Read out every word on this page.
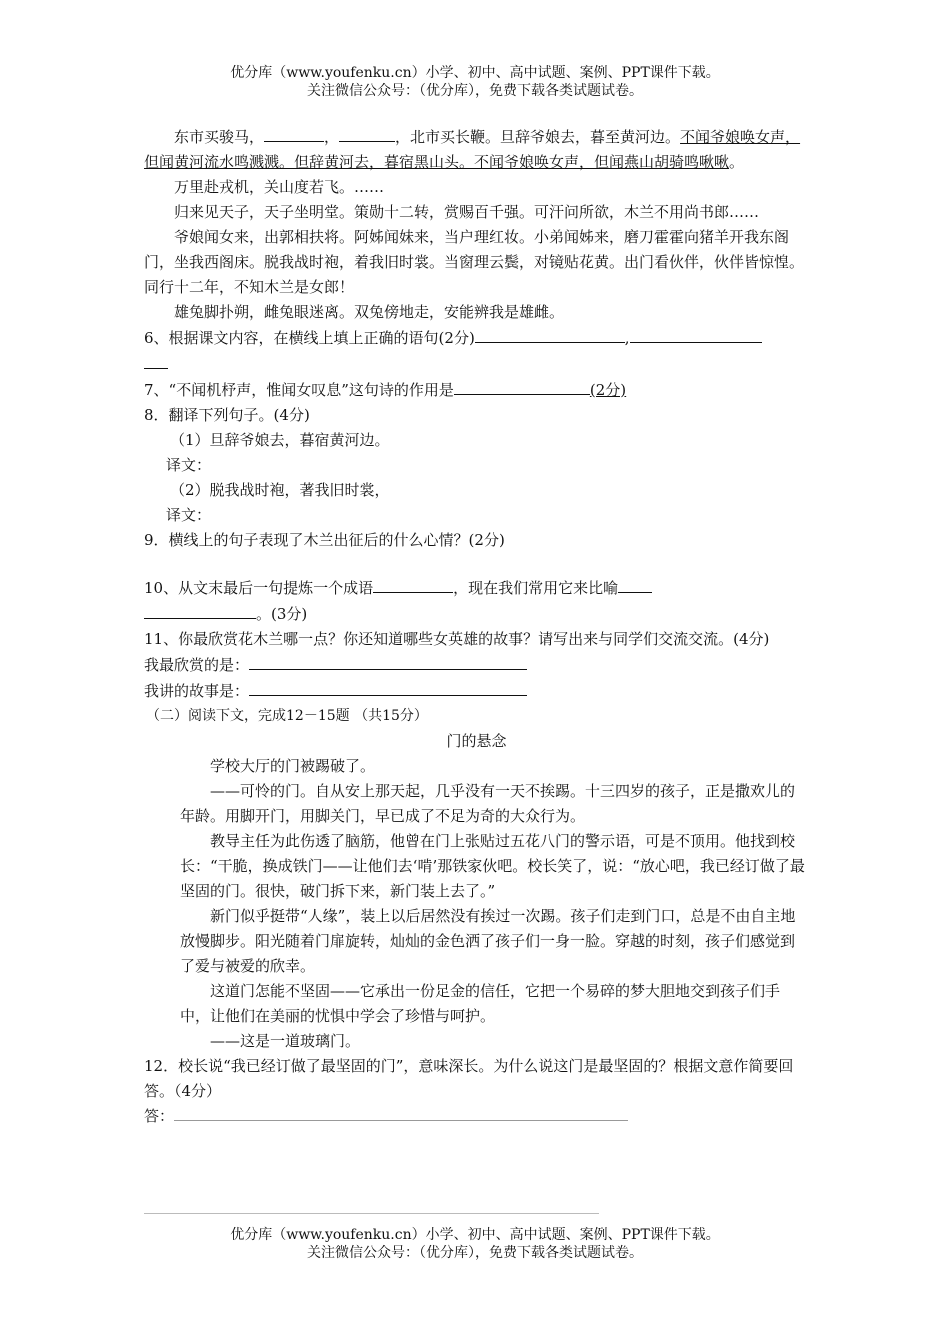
优分库（www.youfenku.cn）小学、初中、高中试题、案例、PPT课件下载。
关注微信公众号：（优分库），免费下载各类试题试卷。

东市买骏马，	，	，北市买长鞭。旦辞爷娘去，暮至黄河边。不闻爷娘唤女声，但闻黄河流水鸣溅溅。但辞黄河去，暮宿黑山头。不闻爷娘唤女声，但闻燕山胡骑鸣啾啾。

万里赴戎机，关山度若飞。……

归来见天子，天子坐明堂。策勋十二转，赏赐百千强。可汗问所欲，木兰不用尚书郎……

爷娘闻女来，出郭相扶将。阿姊闻妹来，当户理红妆。小弟闻姊来，磨刀霍霍向猪羊开我东阁门，坐我西阁床。脱我战时袍，着我旧时裳。当窗理云鬓，对镜贴花黄。出门看伙伴，伙伴皆惊惶。同行十二年，不知木兰是女郎！

雄兔脚扑朔，雌兔眼迷离。双兔傍地走，安能辨我是雄雌。

6、根据课文内容，在横线上填上正确的语句(2分)	,

7、“不闻机杼声，惟闻女叹息”这句诗的作用是	(2分)

8．翻译下列句子。(4分)

（1）旦辞爷娘去，暮宿黄河边。

译文：

（2）脱我战时袍，著我旧时裳，

译文：

9．横线上的句子表现了木兰出征后的什么心情？(2分)

10、从文末最后一句提炼一个成语	，现在我们常用它来比喻
。(3分)

11、你最欣赏花木兰哪一点？你还知道哪些女英雄的故事？请写出来与同学们交流交流。(4分)

我最欣赏的是：

我讲的故事是：

（二）阅读下文，完成12－15题 （共15分）

门的悬念

学校大厅的门被踢破了。

——可怜的门。自从安上那天起，几乎没有一天不挨踢。十三四岁的孩子，正是撒欢儿的年龄。用脚开门，用脚关门，早已成了不足为奇的大众行为。

教导主任为此伤透了脑筋，他曾在门上张贴过五花八门的警示语，可是不顶用。他找到校长：“干脆，换成铁门——让他们去‘啃’那铁家伙吧。校长笑了，说：“放心吧，我已经订做了最坚固的门。很快，破门拆下来，新门装上去了。”

新门似乎挺带“人缘”，装上以后居然没有挨过一次踢。孩子们走到门口，总是不由自主地放慢脚步。阳光随着门扉旋转，灿灿的金色洒了孩子们一身一脸。穿越的时刻，孩子们感觉到了爱与被爱的欣幸。

这道门怎能不坚固——它承出一份足金的信任，它把一个易碎的梦大胆地交到孩子们手中，让他们在美丽的忧惧中学会了珍惜与呵护。

——这是一道玻璃门。

12．校长说“我已经订做了最坚固的门”，意味深长。为什么说这门是最坚固的？根据文意作简要回答。（4分）

答：

优分库（www.youfenku.cn）小学、初中、高中试题、案例、PPT课件下载。
关注微信公众号：（优分库），免费下载各类试题试卷。
